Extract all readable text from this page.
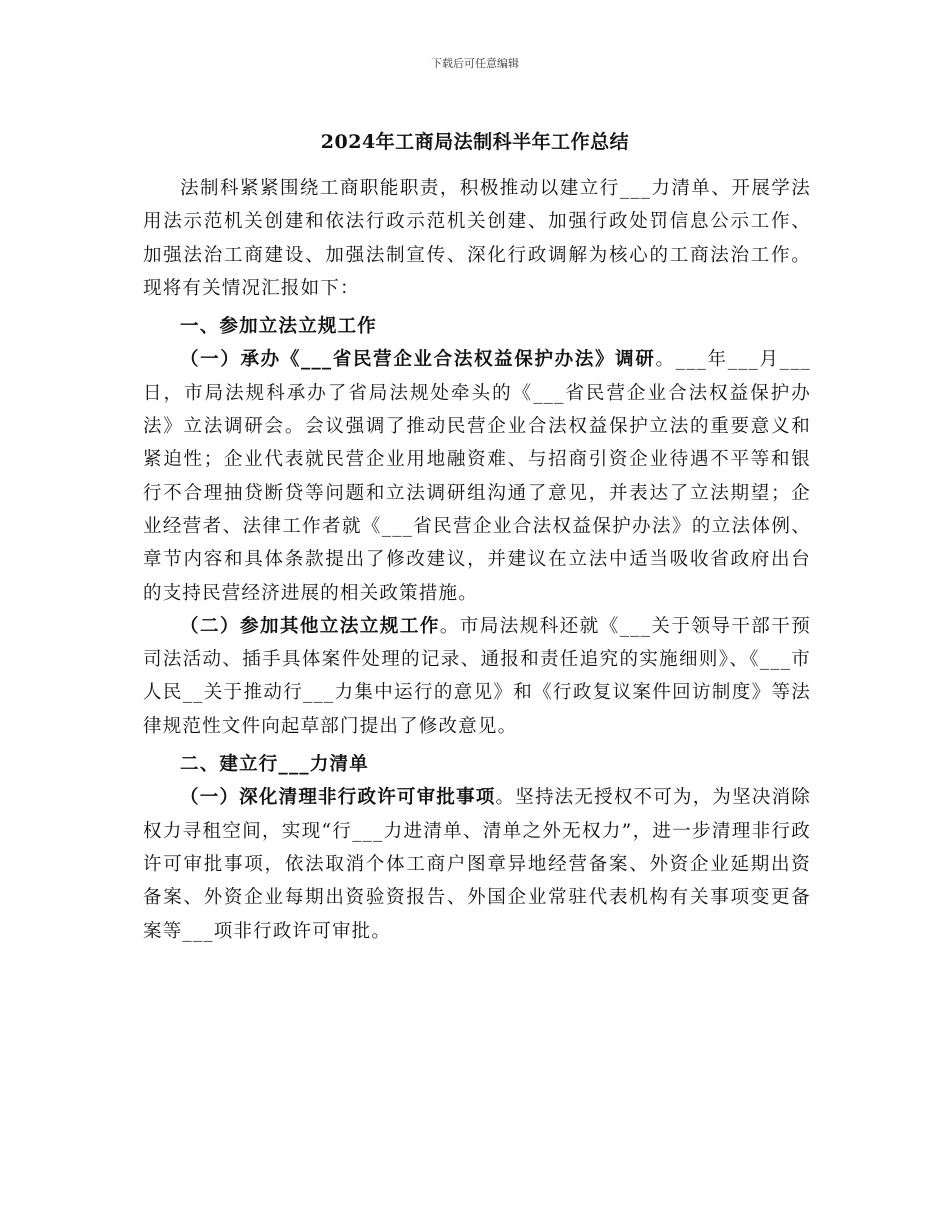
下载后可任意编辑
2024年工商局法制科半年工作总结

法制科紧紧围绕工商职能职责，积极推动以建立行___力清单、开展学法用法示范机关创建和依法行政示范机关创建、加强行政处罚信息公示工作、加强法治工商建设、加强法制宣传、深化行政调解为核心的工商法治工作。现将有关情况汇报如下：

一、参加立法立规工作

（一）承办《___省民营企业合法权益保护办法》调研。___年___月___日，市局法规科承办了省局法规处牵头的《___省民营企业合法权益保护办法》立法调研会。会议强调了推动民营企业合法权益保护立法的重要意义和紧迫性；企业代表就民营企业用地融资难、与招商引资企业待遇不平等和银行不合理抽贷断贷等问题和立法调研组沟通了意见，并表达了立法期望；企业经营者、法律工作者就《___省民营企业合法权益保护办法》的立法体例、章节内容和具体条款提出了修改建议，并建议在立法中适当吸收省政府出台的支持民营经济进展的相关政策措施。

（二）参加其他立法立规工作。市局法规科还就《___关于领导干部干预司法活动、插手具体案件处理的记录、通报和责任追究的实施细则》、《___市人民__关于推动行___力集中运行的意见》和《行政复议案件回访制度》等法律规范性文件向起草部门提出了修改意见。

二、建立行___力清单

（一）深化清理非行政许可审批事项。坚持法无授权不可为，为坚决消除权力寻租空间，实现“行___力进清单、清单之外无权力”，进一步清理非行政许可审批事项，依法取消个体工商户图章异地经营备案、外资企业延期出资备案、外资企业每期出资验资报告、外国企业常驻代表机构有关事项变更备案等___项非行政许可审批。
